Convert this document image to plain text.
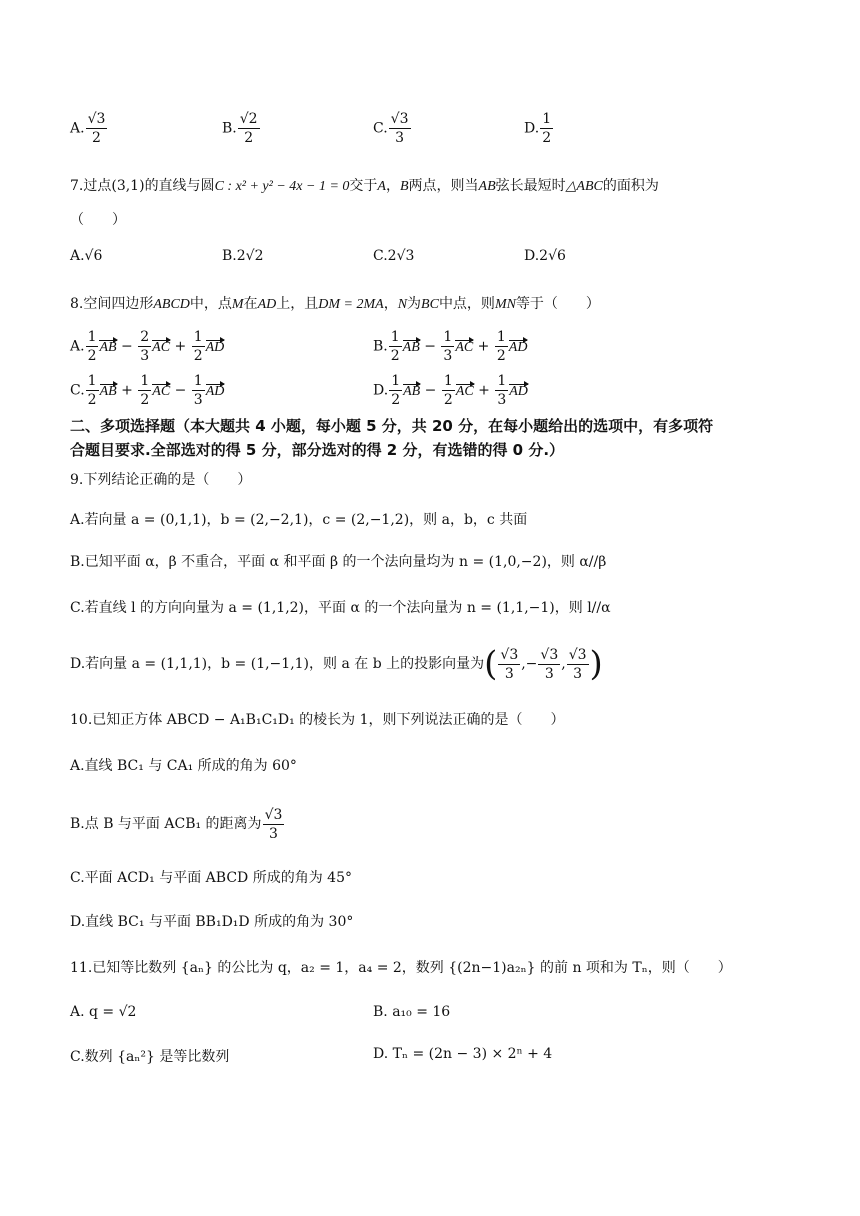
A. $\frac{√3}{2}$	B. $\frac{√2}{2}$	C. $\frac{√3}{3}$	D. $\frac{1}{2}$
7.过点(3,1)的直线与圆C : x² + y² − 4x − 1 = 0交于A，B两点，则当AB弦长最短时△ABC的面积为
（　　）
A.√6	B.2√2	C.2√3	D.2√6
8.空间四边形ABCD中，点M在AD上，且DM = 2MA，N为BC中点，则MN等于（　　）
A. $\frac{1}{2}$ AB − $\frac{2}{3}$ AC + $\frac{1}{2}$ AD	B. $\frac{1}{2}$ AB − $\frac{1}{3}$ AC + $\frac{1}{2}$ AD
C. $\frac{1}{2}$ AB + $\frac{1}{2}$ AC − $\frac{1}{3}$ AD	D. $\frac{1}{2}$ AB − $\frac{1}{2}$ AC + $\frac{1}{3}$ AD
二、多项选择题（本大题共 4 小题，每小题 5 分，共 20 分，在每小题给出的选项中，有多项符
合题目要求.全部选对的得 5 分，部分选对的得 2 分，有选错的得 0 分.）
9.下列结论正确的是（　　）
A.若向量 a = (0,1,1)，b = (2,−2,1)，c = (2,−1,2)，则 a，b，c 共面
B.已知平面 α，β 不重合，平面 α 和平面 β 的一个法向量均为 n = (1,0,−2)，则 α//β
C.若直线 l 的方向向量为 a = (1,1,2)，平面 α 的一个法向量为 n = (1,1,−1)，则 l//α
D.若向量 a = (1,1,1)，b = (1,−1,1)，则 a 在 b 上的投影向量为( $\frac{√3}{3}$ ,− $\frac{√3}{3}$ , $\frac{√3}{3}$ )
10.已知正方体 ABCD − A₁B₁C₁D₁ 的棱长为 1，则下列说法正确的是（　　）
A.直线 BC₁ 与 CA₁ 所成的角为 60°
B.点 B 与平面 ACB₁ 的距离为 $\frac{√3}{3}$
C.平面 ACD₁ 与平面 ABCD 所成的角为 45°
D.直线 BC₁ 与平面 BB₁D₁D 所成的角为 30°
11.已知等比数列 {aₙ} 的公比为 q，a₂ = 1，a₄ = 2，数列 {(2n−1)a₂ₙ} 的前 n 项和为 Tₙ，则（　　）
A. q = √2	B. a₁₀ = 16
C.数列 {aₙ²} 是等比数列	D. Tₙ = (2n − 3) × 2ⁿ + 4
